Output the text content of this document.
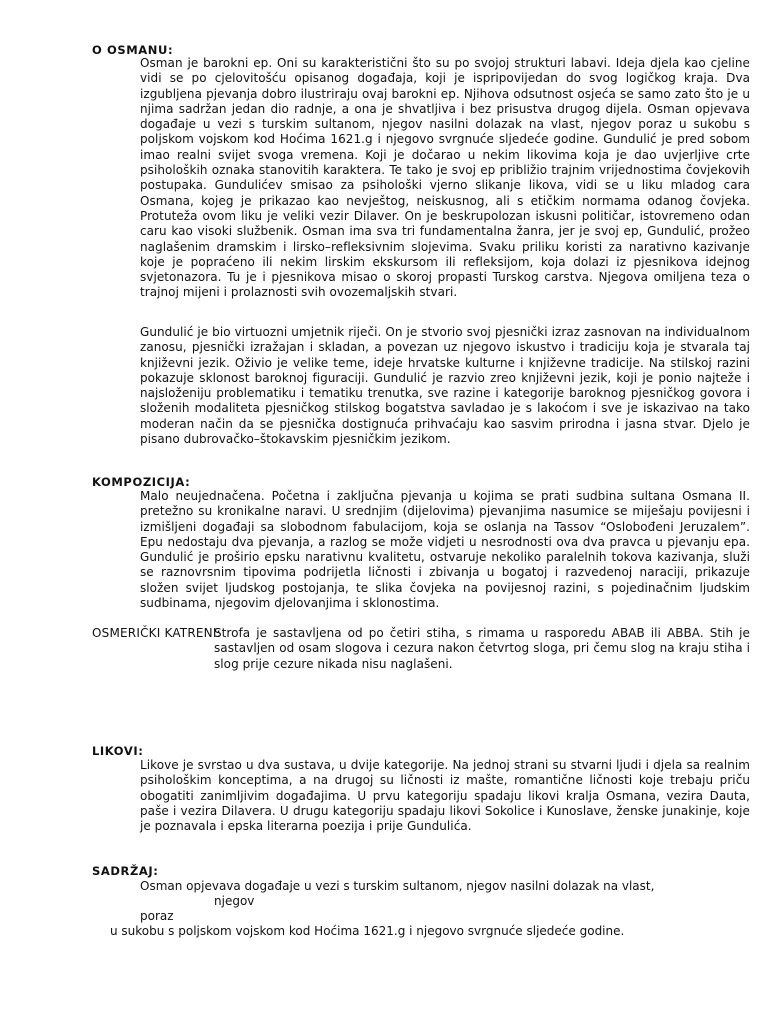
O OSMANU:

Osman je barokni ep. Oni su karakteristični što su po svojoj strukturi labavi. Ideja djela kao cjeline vidi se po cjelovitošću opisanog događaja, koji je ispripovijedan do svog logičkog kraja. Dva izgubljena pjevanja dobro ilustriraju ovaj barokni ep. Njihova odsutnost osjeća se samo zato što je u njima sadržan jedan dio radnje, a ona je shvatljiva i bez prisustva drugog dijela. Osman opjevava događaje u vezi s turskim sultanom, njegov nasilni dolazak na vlast, njegov poraz u sukobu s poljskom vojskom kod Hoćima 1621.g i njegovo svrgnuće sljedeće godine. Gundulić je pred sobom imao realni svijet svoga vremena. Koji je dočarao u nekim likovima koja je dao uvjerljive crte psiholoških oznaka stanovitih karaktera. Te tako je svoj ep približio trajnim vrijednostima čovjekovih postupaka. Gundulićev smisao za psihološki vjerno slikanje likova, vidi se u liku mladog cara Osmana, kojeg je prikazao kao nevještog, neiskusnog, ali s etičkim normama odanog čovjeka. Protuteža ovom liku je veliki vezir Dilaver. On je beskrupolozan iskusni političar, istovremeno odan caru kao visoki službenik. Osman ima sva tri fundamentalna žanra, jer je svoj ep, Gundulić, prožeo naglašenim dramskim i lirsko–refleksivnim slojevima. Svaku priliku koristi za narativno kazivanje koje je popraćeno ili nekim lirskim ekskursom ili refleksijom, koja dolazi iz pjesnikova idejnog svjetonazora. Tu je i pjesnikova misao o skoroj propasti Turskog carstva. Njegova omiljena teza o trajnoj mijeni i prolaznosti svih ovozemaljskih stvari.

Gundulić je bio virtuozni umjetnik riječi. On je stvorio svoj pjesnički izraz zasnovan na individualnom zanosu, pjesnički izražajan i skladan, a povezan uz njegovo iskustvo i tradiciju koja je stvarala taj književni jezik. Oživio je velike teme, ideje hrvatske kulturne i književne tradicije. Na stilskoj razini pokazuje sklonost baroknoj figuraciji. Gundulić je razvio zreo književni jezik, koji je ponio najteže i najsloženiju problematiku i tematiku trenutka, sve razine i kategorije baroknog pjesničkog govora i složenih modaliteta pjesničkog stilskog bogatstva savladao je s lakoćom i sve je iskazivao na tako moderan način da se pjesnička dostignuća prihvaćaju kao sasvim prirodna i jasna stvar. Djelo je pisano dubrovačko–štokavskim pjesničkim jezikom.

KOMPOZICIJA:

Malo neujednačena. Početna i zaključna pjevanja u kojima se prati sudbina sultana Osmana II. pretežno su kronikalne naravi. U srednjim (dijelovima) pjevanjima nasumice se miješaju povijesni i izmišljeni događaji sa slobodnom fabulacijom, koja se oslanja na Tassov “Oslobođeni Jeruzalem”. Epu nedostaju dva pjevanja, a razlog se može vidjeti u nesrodnosti ova dva pravca u pjevanju epa. Gundulić je proširio epsku narativnu kvalitetu, ostvaruje nekoliko paralelnih tokova kazivanja, služi se raznovrsnim tipovima podrijetla ličnosti i zbivanja u bogatoj i razvedenoj naraciji, prikazuje složen svijet ljudskog postojanja, te slika čovjeka na povijesnoj razini, s pojedinačnim ljudskim sudbinama, njegovim djelovanjima i sklonostima.

OSMERIČKI KATRENI:

Strofa je sastavljena od po četiri stiha, s rimama u rasporedu ABAB ili ABBA. Stih je sastavljen od osam slogova i cezura nakon četvrtog sloga, pri čemu slog na kraju stiha i slog prije cezure nikada nisu naglašeni.

LIKOVI:

Likove je svrstao u dva sustava, u dvije kategorije. Na jednoj strani su stvarni ljudi i djela sa realnim psihološkim konceptima, a na drugoj su ličnosti iz mašte, romantične ličnosti koje trebaju priču obogatiti zanimljivim događajima. U prvu kategoriju spadaju likovi kralja Osmana, vezira Dauta, paše i vezira Dilavera. U drugu kategoriju spadaju likovi Sokolice i Kunoslave, ženske junakinje, koje je poznavala i epska literarna poezija i prije Gundulića.

SADRŽAJ:
Osman opjevava događaje u vezi s turskim sultanom, njegov nasilni dolazak na vlast,
njegov
poraz
u sukobu s poljskom vojskom kod Hoćima 1621.g i njegovo svrgnuće sljedeće godine.
